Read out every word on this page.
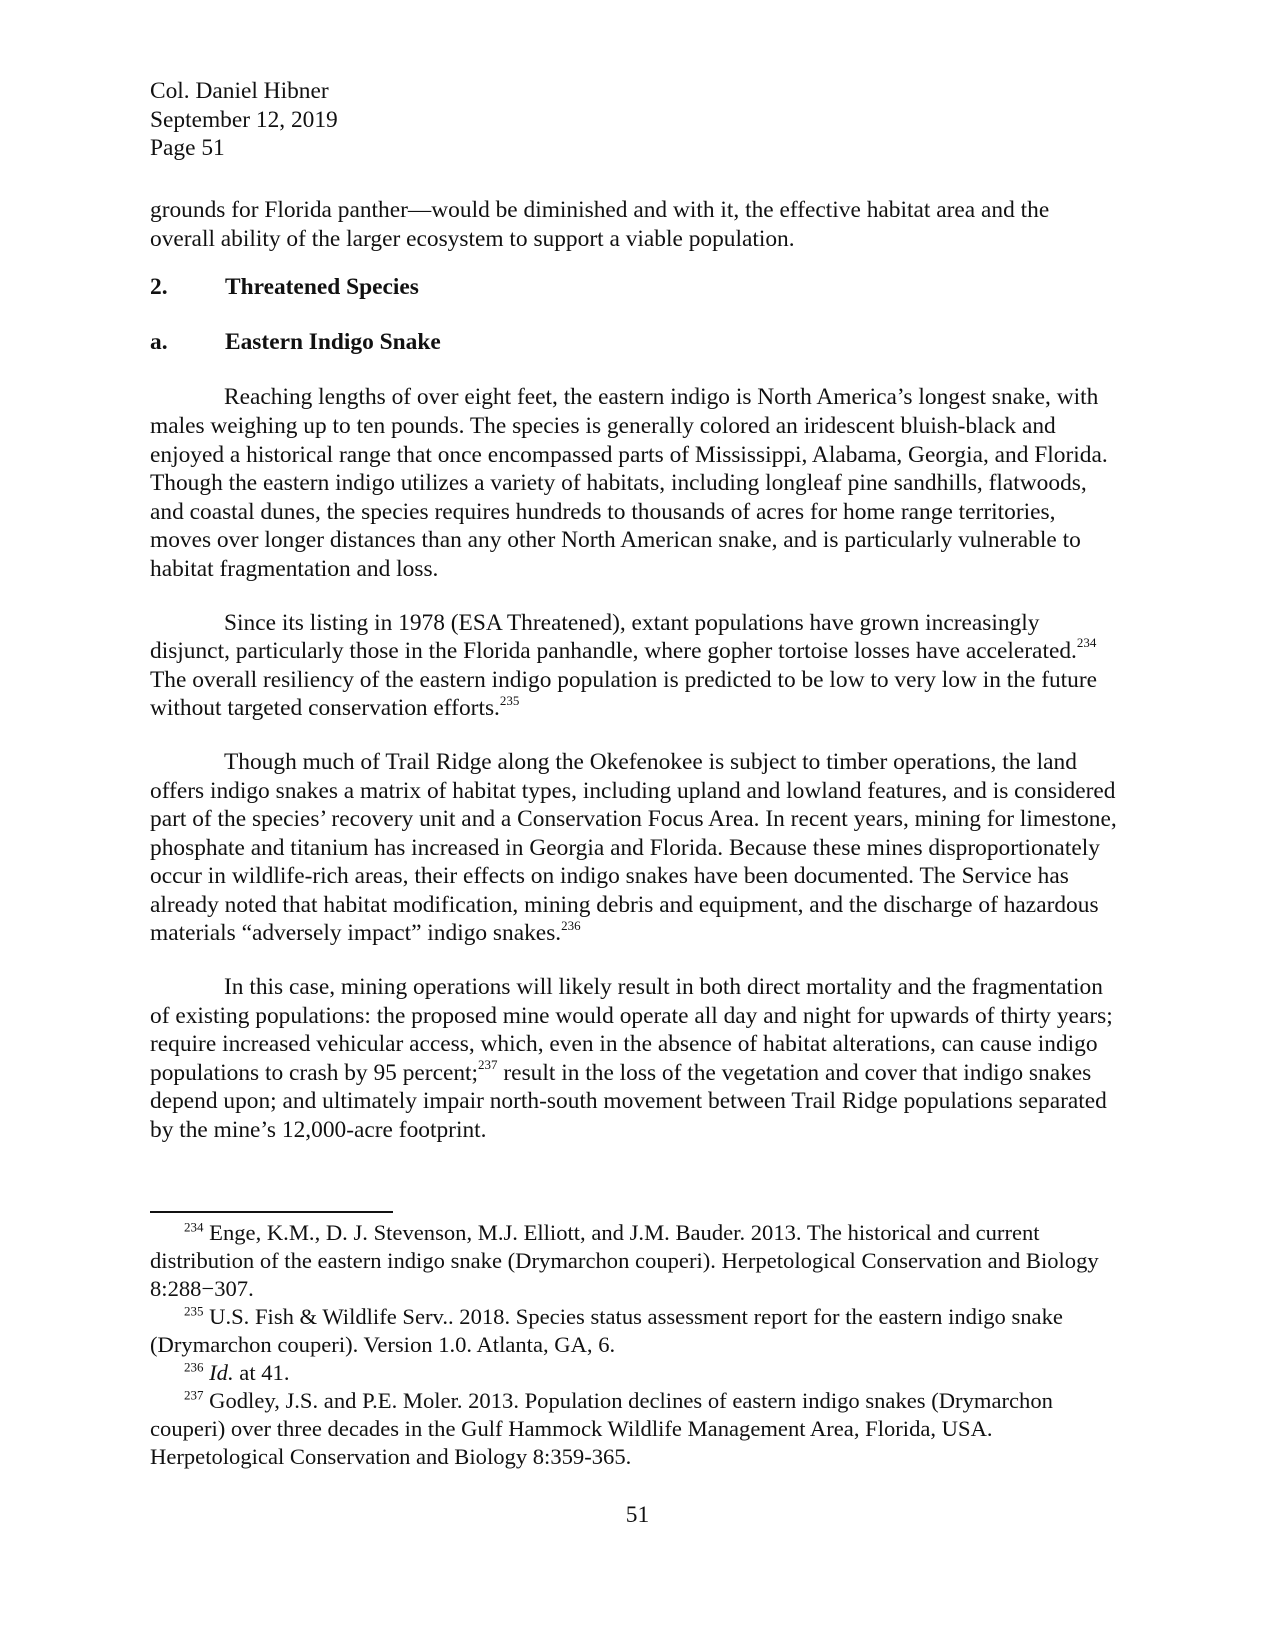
Col. Daniel Hibner
September 12, 2019
Page 51

grounds for Florida panther—would be diminished and with it, the effective habitat area and the overall ability of the larger ecosystem to support a viable population.

2. Threatened Species

a. Eastern Indigo Snake

Reaching lengths of over eight feet, the eastern indigo is North America’s longest snake, with males weighing up to ten pounds. The species is generally colored an iridescent bluish-black and enjoyed a historical range that once encompassed parts of Mississippi, Alabama, Georgia, and Florida. Though the eastern indigo utilizes a variety of habitats, including longleaf pine sandhills, flatwoods, and coastal dunes, the species requires hundreds to thousands of acres for home range territories, moves over longer distances than any other North American snake, and is particularly vulnerable to habitat fragmentation and loss.

Since its listing in 1978 (ESA Threatened), extant populations have grown increasingly disjunct, particularly those in the Florida panhandle, where gopher tortoise losses have accelerated.$^{234}$ The overall resiliency of the eastern indigo population is predicted to be low to very low in the future without targeted conservation efforts.$^{235}$

Though much of Trail Ridge along the Okefenokee is subject to timber operations, the land offers indigo snakes a matrix of habitat types, including upland and lowland features, and is considered part of the species’ recovery unit and a Conservation Focus Area. In recent years, mining for limestone, phosphate and titanium has increased in Georgia and Florida. Because these mines disproportionately occur in wildlife-rich areas, their effects on indigo snakes have been documented. The Service has already noted that habitat modification, mining debris and equipment, and the discharge of hazardous materials “adversely impact” indigo snakes.$^{236}$

In this case, mining operations will likely result in both direct mortality and the fragmentation of existing populations: the proposed mine would operate all day and night for upwards of thirty years; require increased vehicular access, which, even in the absence of habitat alterations, can cause indigo populations to crash by 95 percent;$^{237}$ result in the loss of the vegetation and cover that indigo snakes depend upon; and ultimately impair north-south movement between Trail Ridge populations separated by the mine’s 12,000-acre footprint.

$^{234}$ Enge, K.M., D. J. Stevenson, M.J. Elliott, and J.M. Bauder. 2013. The historical and current distribution of the eastern indigo snake (Drymarchon couperi). Herpetological Conservation and Biology 8:288−307.

$^{235}$ U.S. Fish & Wildlife Serv.. 2018. Species status assessment report for the eastern indigo snake (Drymarchon couperi). Version 1.0. Atlanta, GA, 6.

$^{236}$ Id. at 41.

$^{237}$ Godley, J.S. and P.E. Moler. 2013. Population declines of eastern indigo snakes (Drymarchon couperi) over three decades in the Gulf Hammock Wildlife Management Area, Florida, USA. Herpetological Conservation and Biology 8:359-365.

51
